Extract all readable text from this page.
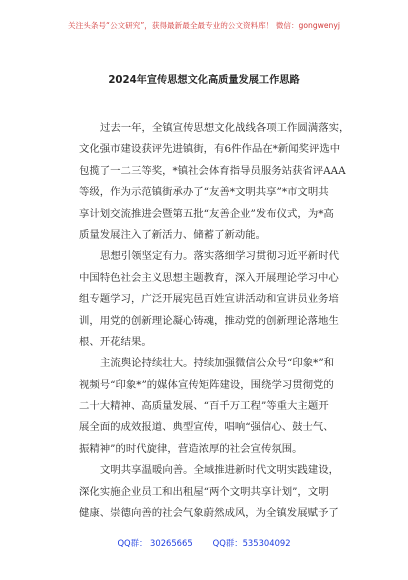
关注头条号“公文研究”，获得最新最全最专业的公文资料库！ 微信：gongwenyj
2024年宣传思想文化高质量发展工作思路
过去一年，全镇宣传思想文化战线各项工作圆满落实，
文化强市建设获评先进镇街，有6件作品在*新闻奖评选中
包揽了一二三等奖，*镇社会体育指导员服务站获省评AAA
等级，作为示范镇街承办了“友善*文明共享”*市文明共
享计划交流推进会暨第五批“友善企业”发布仪式，为*高
质量发展注入了新活力、储蓄了新动能。
思想引领坚定有力。落实落细学习贯彻习近平新时代
中国特色社会主义思想主题教育，深入开展理论学习中心
组专题学习，广泛开展宪邑百姓宣讲活动和宣讲员业务培
训，用党的创新理论凝心铸魂，推动党的创新理论落地生
根、开花结果。
主流舆论持续壮大。持续加强微信公众号“印象*”和
视频号“印象*”的媒体宣传矩阵建设，围绕学习贯彻党的
二十大精神、高质量发展、“百千万工程”等重大主题开
展全面的成效报道、典型宣传，唱响“强信心、鼓士气、
振精神”的时代旋律，营造浓厚的社会宣传氛围。
文明共享温暖向善。全域推进新时代文明实践建设，
深化实施企业员工和出租屋“两个文明共享计划”，文明
健康、崇德向善的社会气象蔚然成风，为全镇发展赋予了
QQ群： 30265665 QQ群：535304092
